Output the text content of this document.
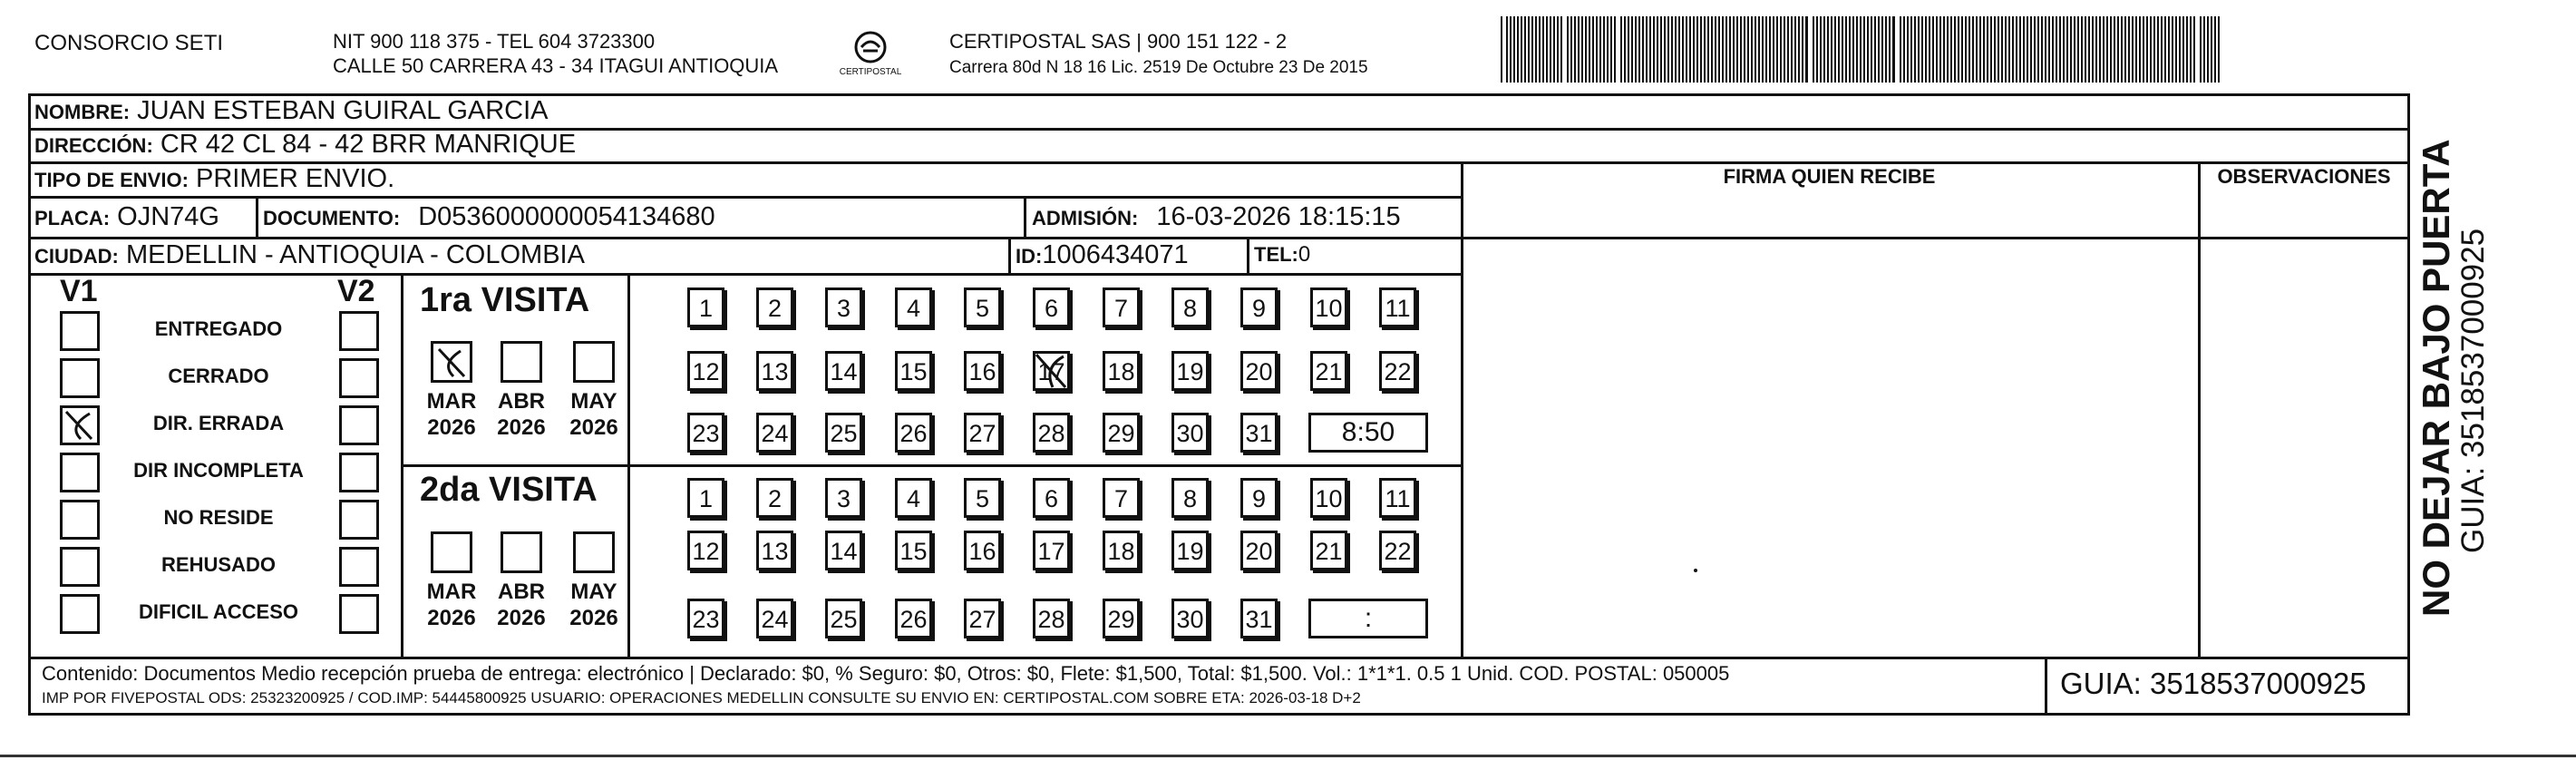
CONSORCIO SETI	NIT 900 118 375 - TEL 604 3723300
CALLE 50 CARRERA 43 - 34 ITAGUI ANTIOQUIA	CERTIPOSTAL
CERTIPOSTAL SAS | 900 151 122 - 2
Carrera 80d N 18 16 Lic. 2519 De Octubre 23 De 2015
NOMBRE: JUAN ESTEBAN GUIRAL GARCIA
DIRECCIÓN: CR 42 CL 84 - 42 BRR MANRIQUE
TIPO DE ENVIO: PRIMER ENVIO.
PLACA: OJN74G DOCUMENTO: D0536000000054134680	ADMISIÓN: 16-03-2026 18:15:15
CIUDAD: MEDELLIN - ANTIOQUIA - COLOMBIA	ID:1006434071	TEL:0
FIRMA QUIEN RECIBE	OBSERVACIONES
V1	V2
ENTREGADO
CERRADO
DIR. ERRADA
DIR INCOMPLETA
NO RESIDE
REHUSADO
DIFICIL ACCESO
1ra VISITA
2da VISITA
MAR
2026
ABR
2026
MAY
2026
1	2	3	4	5	6	7	8	9	10 11
12 13 14 15 16 17 18 19 20 21 22
23 24 25 26 27 28 29 30 31	8:50
MAR
2026
ABR
2026
MAY
2026
1	2	3	4	5	6	7	8	9	10 11
12 13 14 15 16 17 18 19 20 21 22
23 24 25 26 27 28 29 30 31	:
Contenido: Documentos Medio recepción prueba de entrega: electrónico | Declarado: $0, % Seguro: $0, Otros: $0, Flete: $1,500, Total: $1,500. Vol.: 1*1*1. 0.5 1 Unid. COD. POSTAL: 050005
IMP POR FIVEPOSTAL ODS: 25323200925 / COD.IMP: 54445800925 USUARIO: OPERACIONES MEDELLIN CONSULTE SU ENVIO EN: CERTIPOSTAL.COM SOBRE ETA: 2026-03-18 D+2	GUIA: 3518537000925
NO DEJAR BAJO PUERTA
GUIA: 3518537000925
